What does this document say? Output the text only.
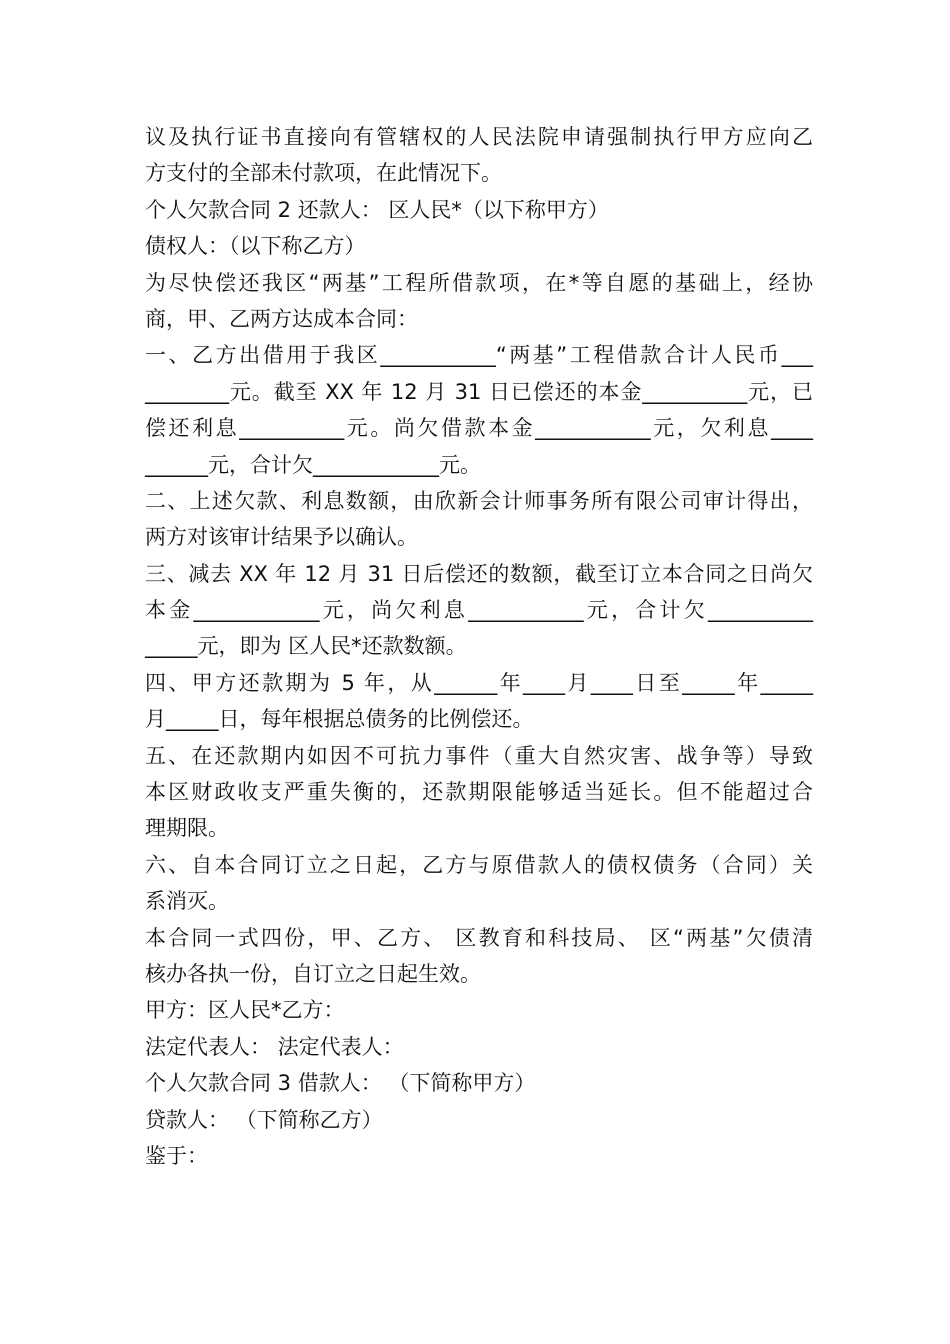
议及执行证书直接向有管辖权的人民法院申请强制执行甲方应向乙
方支付的全部未付款项，在此情况下。
个人欠款合同 2 还款人： 区人民*（以下称甲方）
债权人：（以下称乙方）
为尽快偿还我区“两基”工程所借款项，在*等自愿的基础上，经协
商，甲、乙两方达成本合同：
一、乙方出借用于我区___________“两基”工程借款合计人民币___
________元。截至 XX 年 12 月 31 日已偿还的本金__________元，已
偿还利息__________元。尚欠借款本金___________元，欠利息____
______元，合计欠____________元。
二、上述欠款、利息数额，由欣新会计师事务所有限公司审计得出，
两方对该审计结果予以确认。
三、减去 XX 年 12 月 31 日后偿还的数额，截至订立本合同之日尚欠
本金____________元，尚欠利息___________元，合计欠__________
_____元，即为 区人民*还款数额。
四、甲方还款期为 5 年，从______年____月____日至_____年_____
月_____日，每年根据总债务的比例偿还。
五、在还款期内如因不可抗力事件（重大自然灾害、战争等）导致
本区财政收支严重失衡的，还款期限能够适当延长。但不能超过合
理期限。
六、自本合同订立之日起，乙方与原借款人的债权债务（合同）关
系消灭。
本合同一式四份，甲、乙方、 区教育和科技局、 区“两基”欠债清
核办各执一份，自订立之日起生效。
甲方：区人民*乙方：
法定代表人： 法定代表人：
个人欠款合同 3 借款人： （下简称甲方）
贷款人： （下简称乙方）
鉴于：
